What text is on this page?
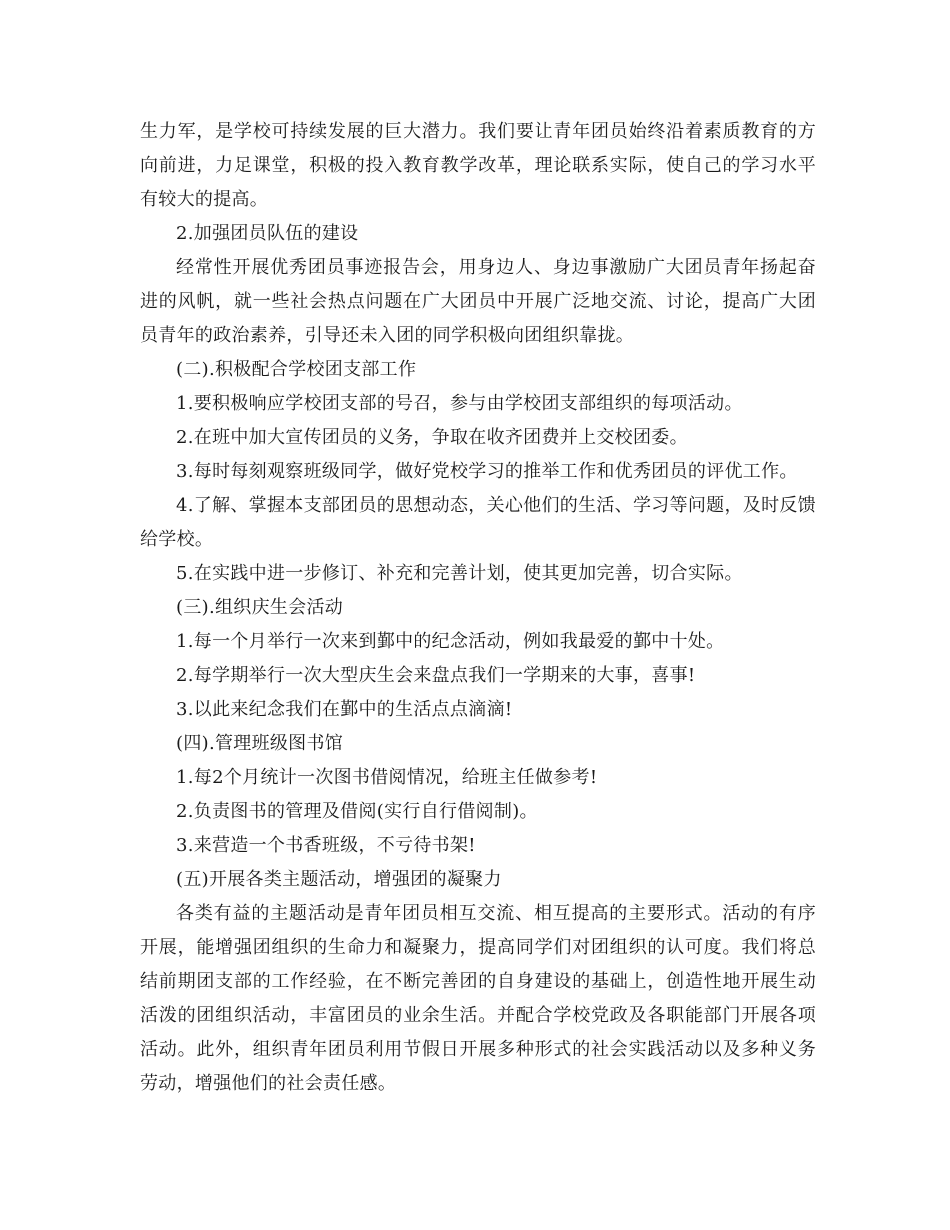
生力军，是学校可持续发展的巨大潜力。我们要让青年团员始终沿着素质教育的方向前进，力足课堂，积极的投入教育教学改革，理论联系实际，使自己的学习水平有较大的提高。

2.加强团员队伍的建设

经常性开展优秀团员事迹报告会，用身边人、身边事激励广大团员青年扬起奋进的风帆，就一些社会热点问题在广大团员中开展广泛地交流、讨论，提高广大团员青年的政治素养，引导还未入团的同学积极向团组织靠拢。

(二).积极配合学校团支部工作

1.要积极响应学校团支部的号召，参与由学校团支部组织的每项活动。

2.在班中加大宣传团员的义务，争取在收齐团费并上交校团委。

3.每时每刻观察班级同学，做好党校学习的推举工作和优秀团员的评优工作。

4.了解、掌握本支部团员的思想动态，关心他们的生活、学习等问题，及时反馈给学校。

5.在实践中进一步修订、补充和完善计划，使其更加完善，切合实际。

(三).组织庆生会活动

1.每一个月举行一次来到鄞中的纪念活动，例如我最爱的鄞中十处。

2.每学期举行一次大型庆生会来盘点我们一学期来的大事，喜事!

3.以此来纪念我们在鄞中的生活点点滴滴!

(四).管理班级图书馆

1.每2个月统计一次图书借阅情况，给班主任做参考!

2.负责图书的管理及借阅(实行自行借阅制)。

3.来营造一个书香班级，不亏待书架!

(五)开展各类主题活动，增强团的凝聚力

各类有益的主题活动是青年团员相互交流、相互提高的主要形式。活动的有序开展，能增强团组织的生命力和凝聚力，提高同学们对团组织的认可度。我们将总结前期团支部的工作经验，在不断完善团的自身建设的基础上，创造性地开展生动活泼的团组织活动，丰富团员的业余生活。并配合学校党政及各职能部门开展各项活动。此外，组织青年团员利用节假日开展多种形式的社会实践活动以及多种义务劳动，增强他们的社会责任感。
